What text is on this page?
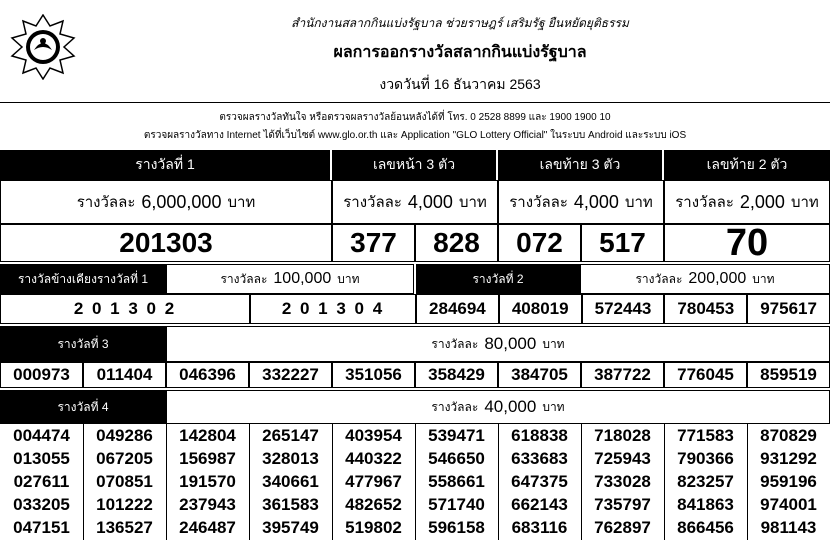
สำนักงานสลากกินแบ่งรัฐบาล ช่วยราษฎร์ เสริมรัฐ ยืนหยัดยุติธรรม
ผลการออกรางวัลสลากกินแบ่งรัฐบาล
งวดวันที่ 16 ธันวาคม 2563
ตรวจผลรางวัลทันใจ หรือตรวจผลรางวัลย้อนหลังได้ที่ โทร. 0 2528 8899 และ 1900 1900 10
ตรวจผลรางวัลทาง Internet ได้ที่เว็บไซต์ www.glo.or.th และ Application "GLO Lottery Official" ในระบบ Android และระบบ iOS
รางวัลที่ 1	เลขหน้า 3 ตัว	เลขท้าย 3 ตัว	เลขท้าย 2 ตัว
รางวัลละ 6,000,000 บาท	รางวัลละ 4,000 บาท รางวัลละ 4,000 บาท รางวัลละ 2,000 บาท
201303	377	828	072	517	70
รางวัลข้างเคียงรางวัลที่ 1	รางวัลละ 100,000 บาท
2 0 1 3 0 2	2 0 1 3 0 4
รางวัลที่ 2	รางวัลละ 200,000 บาท
284694	408019	572443	780453	975617
รางวัลที่ 3	รางวัลละ 80,000 บาท
000973	011404	046396	332227	351056	358429	384705	387722	776045	859519
รางวัลที่ 4	รางวัลละ 40,000 บาท
004474	049286	142804	265147	403954	539471	618838	718028	771583	870829
013055	067205	156987	328013	440322	546650	633683	725943	790366	931292
027611	070851	191570	340661	477967	558661	647375	733028	823257	959196
033205	101222	237943	361583	482652	571740	662143	735797	841863	974001
047151	136527	246487	395749	519802	596158	683116	762897	866456	981143
